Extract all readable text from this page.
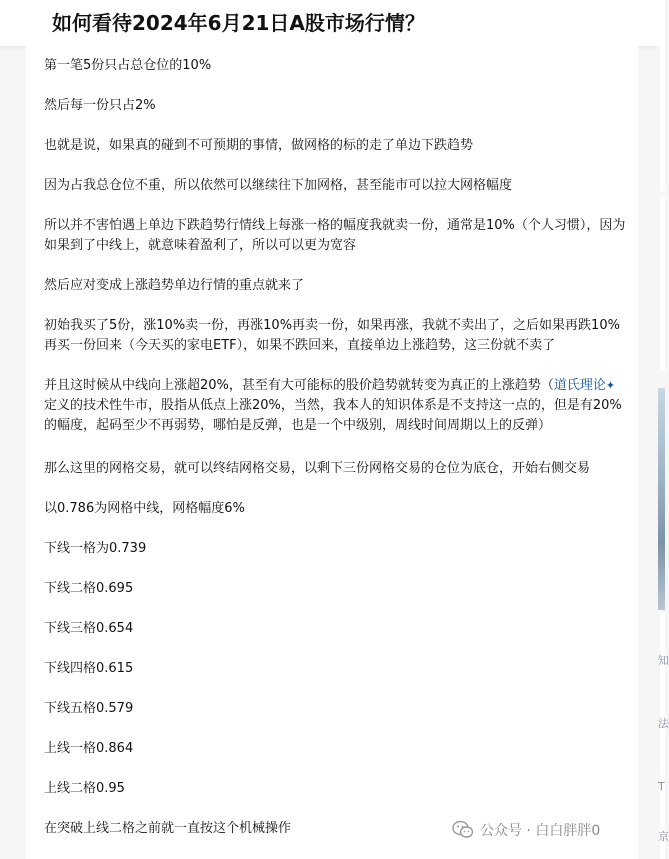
如何看待2024年6月21日A股市场行情？

第一笔5份只占总仓位的10%

然后每一份只占2%

也就是说，如果真的碰到不可预期的事情，做网格的标的走了单边下跌趋势

因为占我总仓位不重，所以依然可以继续往下加网格，甚至能市可以拉大网格幅度

所以并不害怕遇上单边下跌趋势行情线上每涨一格的幅度我就卖一份，通常是10%（个人习惯），因为如果到了中线上，就意味着盈利了，所以可以更为宽容

然后应对变成上涨趋势单边行情的重点就来了

初始我买了5份，涨10%卖一份，再涨10%再卖一份，如果再涨，我就不卖出了，之后如果再跌10%再买一份回来（今天买的家电ETF），如果不跌回来，直接单边上涨趋势，这三份就不卖了

并且这时候从中线向上涨超20%，甚至有大可能标的股价趋势就转变为真正的上涨趋势（道氏理论✦定义的技术性牛市，股指从低点上涨20%，当然，我本人的知识体系是不支持这一点的，但是有20%的幅度，起码至少不再弱势，哪怕是反弹，也是一个中级别，周线时间周期以上的反弹）

那么这里的网格交易，就可以终结网格交易，以剩下三份网格交易的仓位为底仓，开始右侧交易

以0.786为网格中线，网格幅度6%

下线一格为0.739

下线二格0.695

下线三格0.654

下线四格0.615

下线五格0.579

上线一格0.864

上线二格0.95

在突破上线二格之前就一直按这个机械操作	公众号 · 白白胖胖0
知
法
T
京
